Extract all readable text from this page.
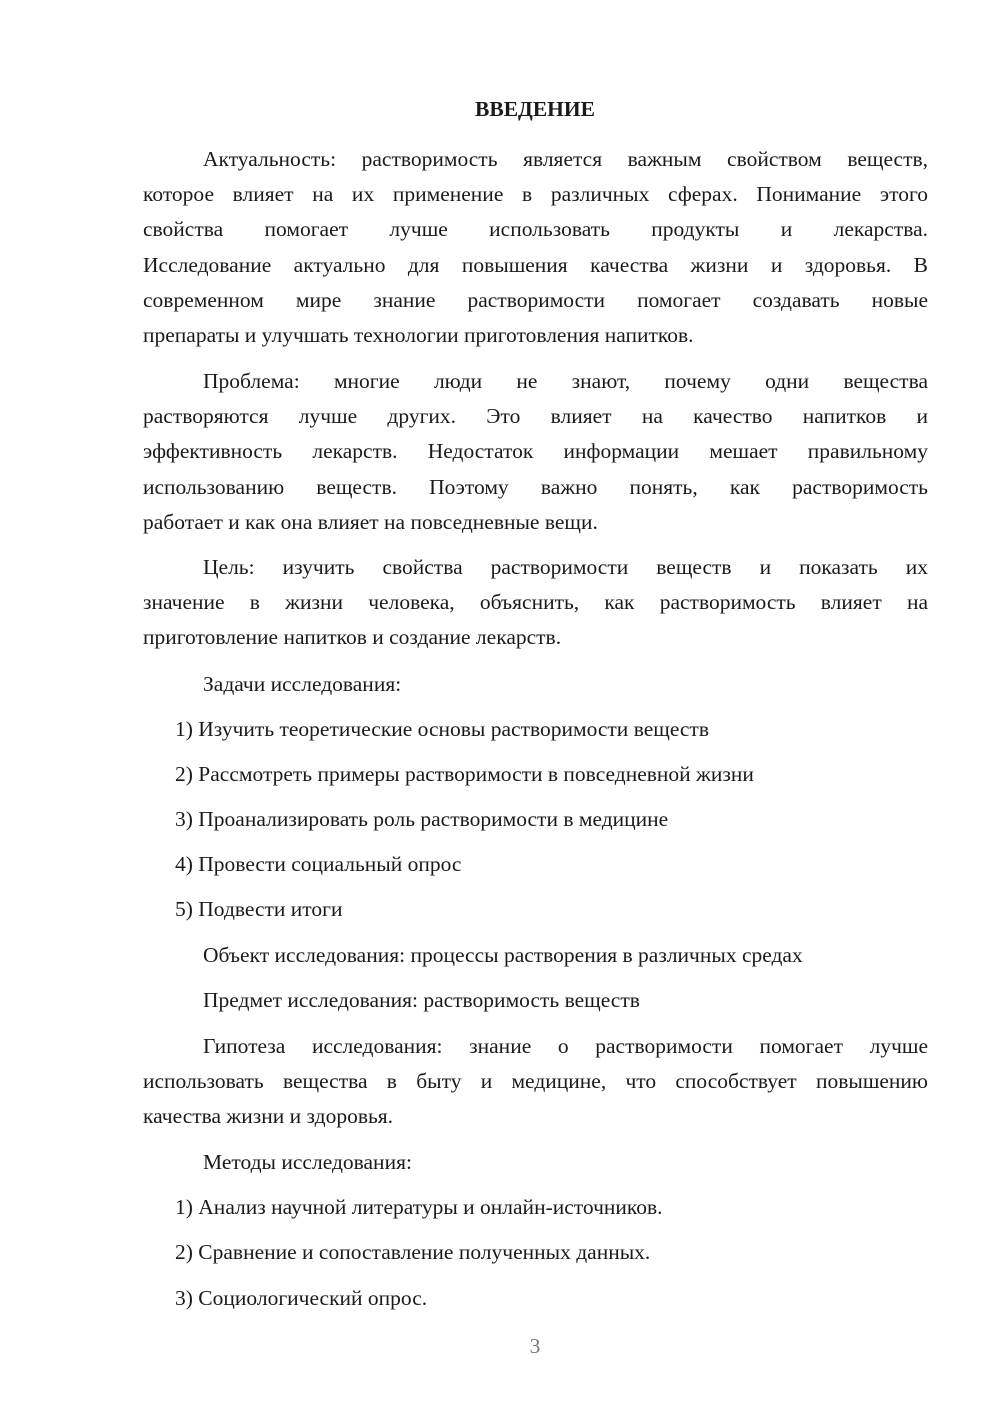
ВВЕДЕНИЕ
Актуальность: растворимость является важным свойством веществ,
которое влияет на их применение в различных сферах. Понимание этого
свойства помогает лучше использовать продукты и лекарства.
Исследование актуально для повышения качества жизни и здоровья. В
современном мире знание растворимости помогает создавать новые
препараты и улучшать технологии приготовления напитков.
Проблема: многие люди не знают, почему одни вещества
растворяются лучше других. Это влияет на качество напитков и
эффективность лекарств. Недостаток информации мешает правильному
использованию веществ. Поэтому важно понять, как растворимость
работает и как она влияет на повседневные вещи.
Цель: изучить свойства растворимости веществ и показать их
значение в жизни человека, объяснить, как растворимость влияет на
приготовление напитков и создание лекарств.
Задачи исследования:
1) Изучить теоретические основы растворимости веществ
2) Рассмотреть примеры растворимости в повседневной жизни
3) Проанализировать роль растворимости в медицине
4) Провести социальный опрос
5) Подвести итоги
Объект исследования: процессы растворения в различных средах
Предмет исследования: растворимость веществ
Гипотеза исследования: знание о растворимости помогает лучше
использовать вещества в быту и медицине, что способствует повышению
качества жизни и здоровья.
Методы исследования:
1) Анализ научной литературы и онлайн-источников.
2) Сравнение и сопоставление полученных данных.
3) Социологический опрос.
3
